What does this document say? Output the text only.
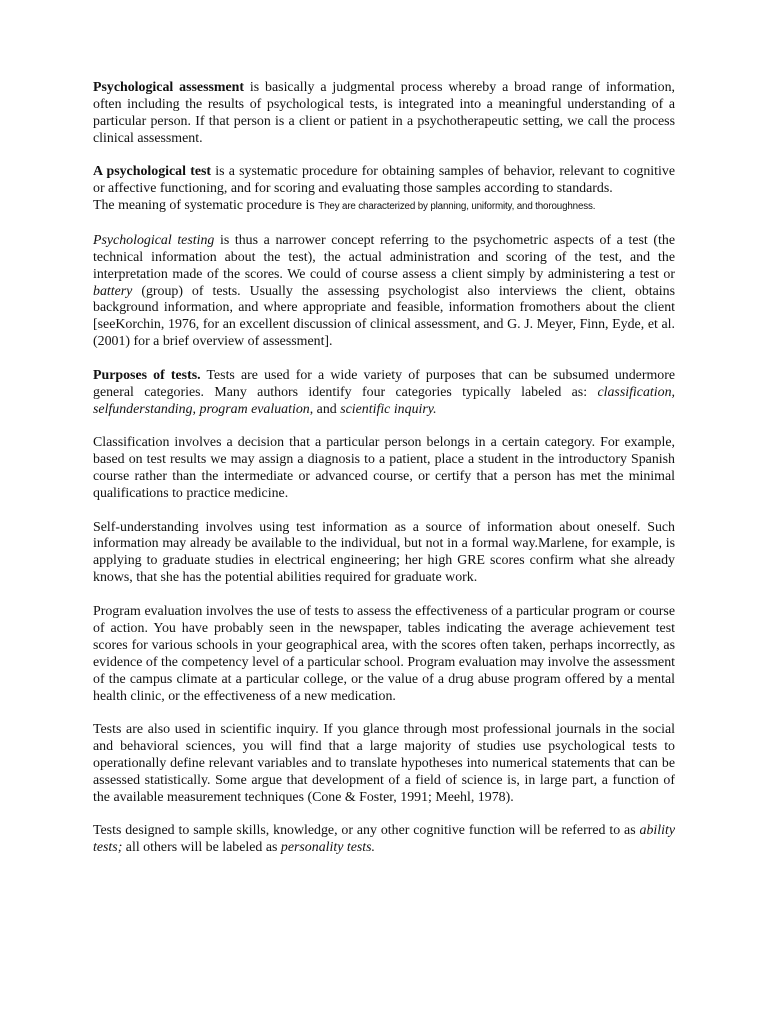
Psychological assessment is basically a judgmental process whereby a broad range of information, often including the results of psychological tests, is integrated into a meaningful understanding of a particular person. If that person is a client or patient in a psychotherapeutic setting, we call the process clinical assessment.

A psychological test is a systematic procedure for obtaining samples of behavior, relevant to cognitive or affective functioning, and for scoring and evaluating those samples according to standards.

The meaning of systematic procedure is They are characterized by planning, uniformity, and thoroughness.

Psychological testing is thus a narrower concept referring to the psychometric aspects of a test (the technical information about the test), the actual administration and scoring of the test, and the interpretation made of the scores. We could of course assess a client simply by administering a test or battery (group) of tests. Usually the assessing psychologist also interviews the client, obtains background information, and where appropriate and feasible, information fromothers about the client [seeKorchin, 1976, for an excellent discussion of clinical assessment, and G. J. Meyer, Finn, Eyde, et al. (2001) for a brief overview of assessment].

Purposes of tests. Tests are used for a wide variety of purposes that can be subsumed undermore general categories. Many authors identify four categories typically labeled as: classification, selfunderstanding, program evaluation, and scientific inquiry.

Classification involves a decision that a particular person belongs in a certain category. For example, based on test results we may assign a diagnosis to a patient, place a student in the introductory Spanish course rather than the intermediate or advanced course, or certify that a person has met the minimal qualifications to practice medicine.

Self-understanding involves using test information as a source of information about oneself. Such information may already be available to the individual, but not in a formal way.Marlene, for example, is applying to graduate studies in electrical engineering; her high GRE scores confirm what she already knows, that she has the potential abilities required for graduate work.

Program evaluation involves the use of tests to assess the effectiveness of a particular program or course of action. You have probably seen in the newspaper, tables indicating the average achievement test scores for various schools in your geographical area, with the scores often taken, perhaps incorrectly, as evidence of the competency level of a particular school. Program evaluation may involve the assessment of the campus climate at a particular college, or the value of a drug abuse program offered by a mental health clinic, or the effectiveness of a new medication.

Tests are also used in scientific inquiry. If you glance through most professional journals in the social and behavioral sciences, you will find that a large majority of studies use psychological tests to operationally define relevant variables and to translate hypotheses into numerical statements that can be assessed statistically. Some argue that development of a field of science is, in large part, a function of the available measurement techniques (Cone & Foster, 1991; Meehl, 1978).

Tests designed to sample skills, knowledge, or any other cognitive function will be referred to as ability tests; all others will be labeled as personality tests.
